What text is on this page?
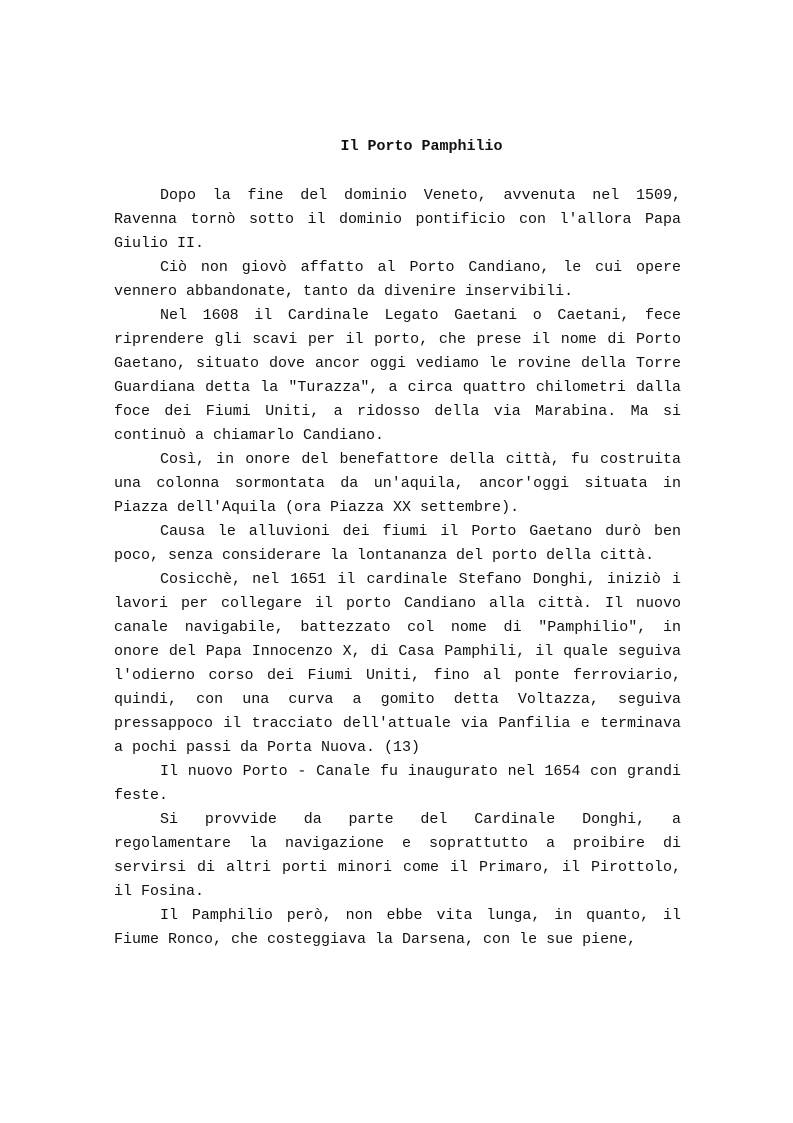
Il Porto Pamphilio

Dopo la fine del dominio Veneto, avvenuta nel 1509, Ravenna tornò sotto il dominio pontificio con l'allora Papa Giulio II.

Ciò non giovò affatto al Porto Candiano, le cui opere vennero abbandonate, tanto da divenire inservibili.

Nel 1608 il Cardinale Legato Gaetani o Caetani, fece riprendere gli scavi per il porto, che prese il nome di Porto Gaetano, situato dove ancor oggi vediamo le rovine della Torre Guardiana detta la "Turazza", a circa quattro chilometri dalla foce dei Fiumi Uniti, a ridosso della via Marabina. Ma si continuò a chiamarlo Candiano.

Così, in onore del benefattore della città, fu costruita una colonna sormontata da un'aquila, ancor'oggi situata in Piazza dell'Aquila (ora Piazza XX settembre).

Causa le alluvioni dei fiumi il Porto Gaetano durò ben poco, senza considerare la lontananza del porto della città.

Cosicchè, nel 1651 il cardinale Stefano Donghi, iniziò i lavori per collegare il porto Candiano alla città. Il nuovo canale navigabile, battezzato col nome di "Pamphilio", in onore del Papa Innocenzo X, di Casa Pamphili, il quale seguiva l'odierno corso dei Fiumi Uniti, fino al ponte ferroviario, quindi, con una curva a gomito detta Voltazza, seguiva pressappoco il tracciato dell'attuale via Panfilia e terminava a pochi passi da Porta Nuova. (13)

Il nuovo Porto - Canale fu inaugurato nel 1654 con grandi feste.

Si provvide da parte del Cardinale Donghi, a regolamentare la navigazione e soprattutto a proibire di servirsi di altri porti minori come il Primaro, il Pirottolo, il Fosina.

Il Pamphilio però, non ebbe vita lunga, in quanto, il Fiume Ronco, che costeggiava la Darsena, con le sue piene,
